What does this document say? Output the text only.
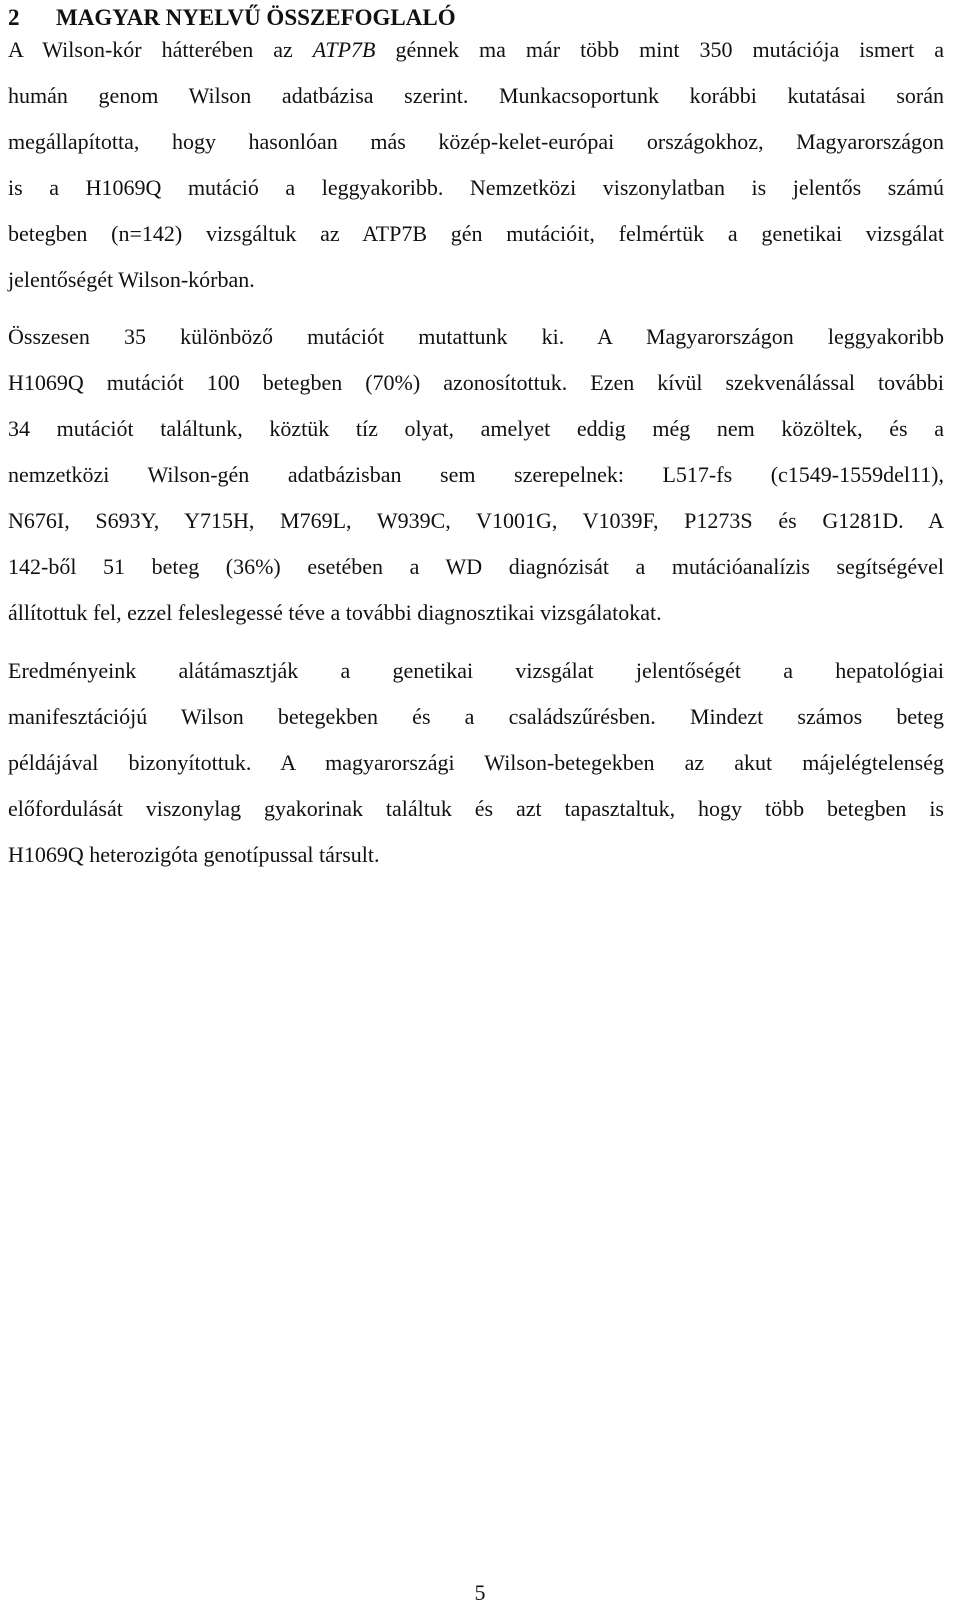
2 MAGYAR NYELVŰ ÖSSZEFOGLALÓ
A Wilson-kór hátterében az ATP7B génnek ma már több mint 350 mutációja ismert a
humán genom Wilson adatbázisa szerint. Munkacsoportunk korábbi kutatásai során
megállapította, hogy hasonlóan más közép-kelet-európai országokhoz, Magyarországon
is a H1069Q mutáció a leggyakoribb. Nemzetközi viszonylatban is jelentős számú
betegben (n=142) vizsgáltuk az ATP7B gén mutációit, felmértük a genetikai vizsgálat
jelentőségét Wilson-kórban.
Összesen 35 különböző mutációt mutattunk ki. A Magyarországon leggyakoribb
H1069Q mutációt 100 betegben (70%) azonosítottuk. Ezen kívül szekvenálással további
34 mutációt találtunk, köztük tíz olyat, amelyet eddig még nem közöltek, és a
nemzetközi Wilson-gén adatbázisban sem szerepelnek: L517-fs (c1549-1559del11),
N676I, S693Y, Y715H, M769L, W939C, V1001G, V1039F, P1273S és G1281D. A
142-ből 51 beteg (36%) esetében a WD diagnózisát a mutációanalízis segítségével
állítottuk fel, ezzel feleslegessé téve a további diagnosztikai vizsgálatokat.
Eredményeink alátámasztják a genetikai vizsgálat jelentőségét a hepatológiai
manifesztációjú Wilson betegekben és a családszűrésben. Mindezt számos beteg
példájával bizonyítottuk. A magyarországi Wilson-betegekben az akut májelégtelenség
előfordulását viszonylag gyakorinak találtuk és azt tapasztaltuk, hogy több betegben is
H1069Q heterozigóta genotípussal társult.
5
